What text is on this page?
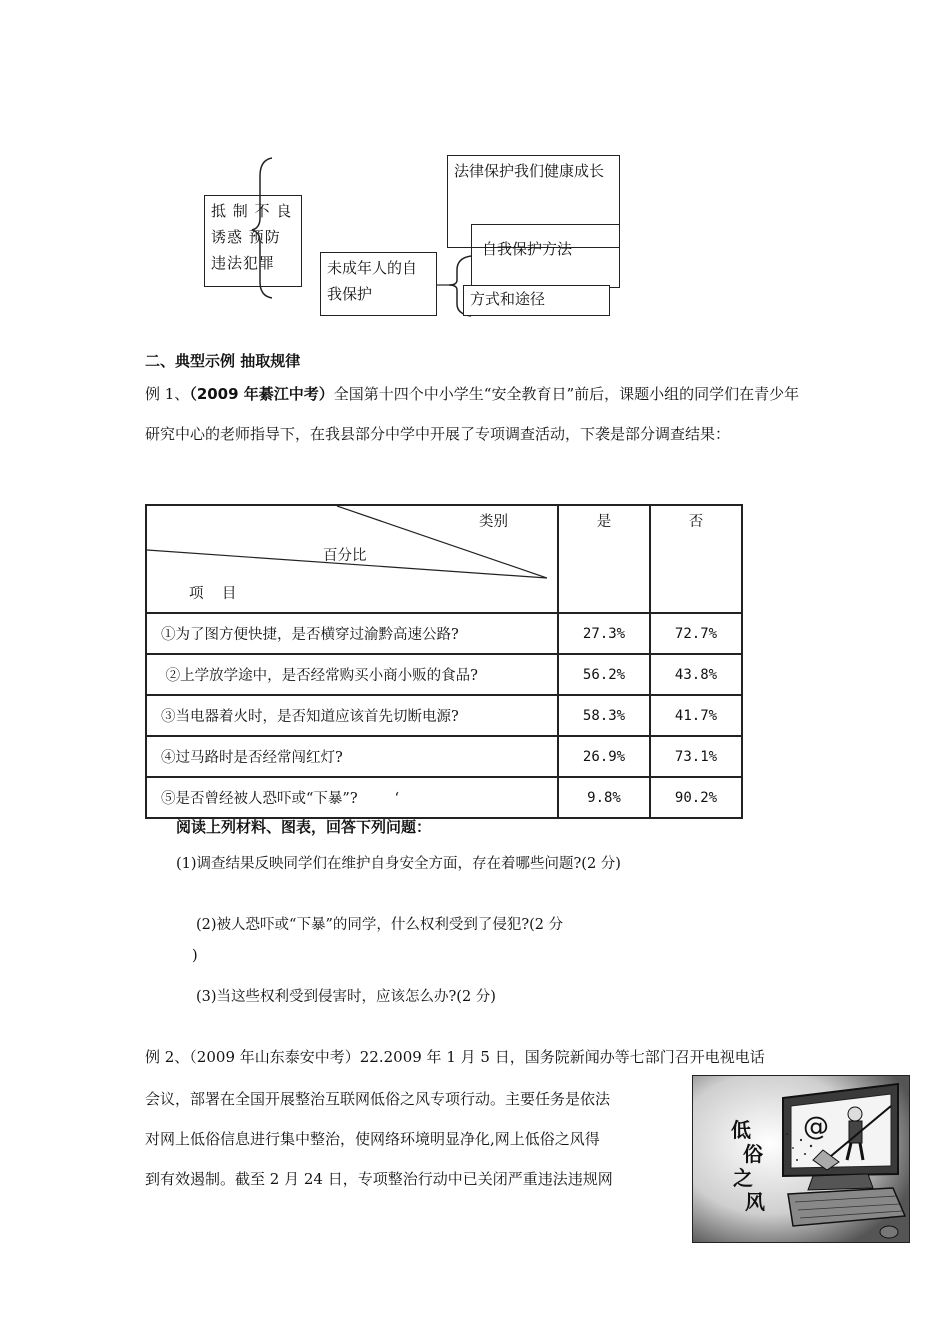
抵 制 不 良 诱惑 预防 违法犯罪	未成年人的自我保护
法律保护我们健康成长
自我保护方法
方式和途径
二、典型示例 抽取规律
例 1、（2009 年綦江中考）全国第十四个中小学生“安全教育日”前后，课题小组的同学们在青少年研究中心的老师指导下，在我县部分中学中开展了专项调查活动，下袭是部分调查结果：
类别
百分比
项    目	是	否
①为了图方便快捷，是否横穿过渝黔高速公路?	27.3%	72.7%
②上学放学途中，是否经常购买小商小贩的食品?	56.2%	43.8%
③当电器着火时，是否知道应该首先切断电源?	58.3%	41.7%
④过马路时是否经常闯红灯?	26.9%	73.1%
⑤是否曾经被人恐吓或“下暴”?        ‘	9.8%	90.2%
阅读上列材料、图表，回答下列问题：
(1)调查结果反映同学们在维护自身安全方面，存在着哪些问题?(2 分)
(2)被人恐吓或“下暴”的同学，什么权利受到了侵犯?(2 分
)
(3)当这些权利受到侵害时，应该怎么办?(2 分)
例 2、（2009 年山东泰安中考）22.2009 年 1 月 5 日，国务院新闻办等七部门召开电视电话
会议，部署在全国开展整治互联网低俗之风专项行动。主要任务是依法
对网上低俗信息进行集中整治，使网络环境明显净化,网上低俗之风得
到有效遏制。截至 2 月 24 日，专项整治行动中已关闭严重违法违规网
@
低
俗
之
风
